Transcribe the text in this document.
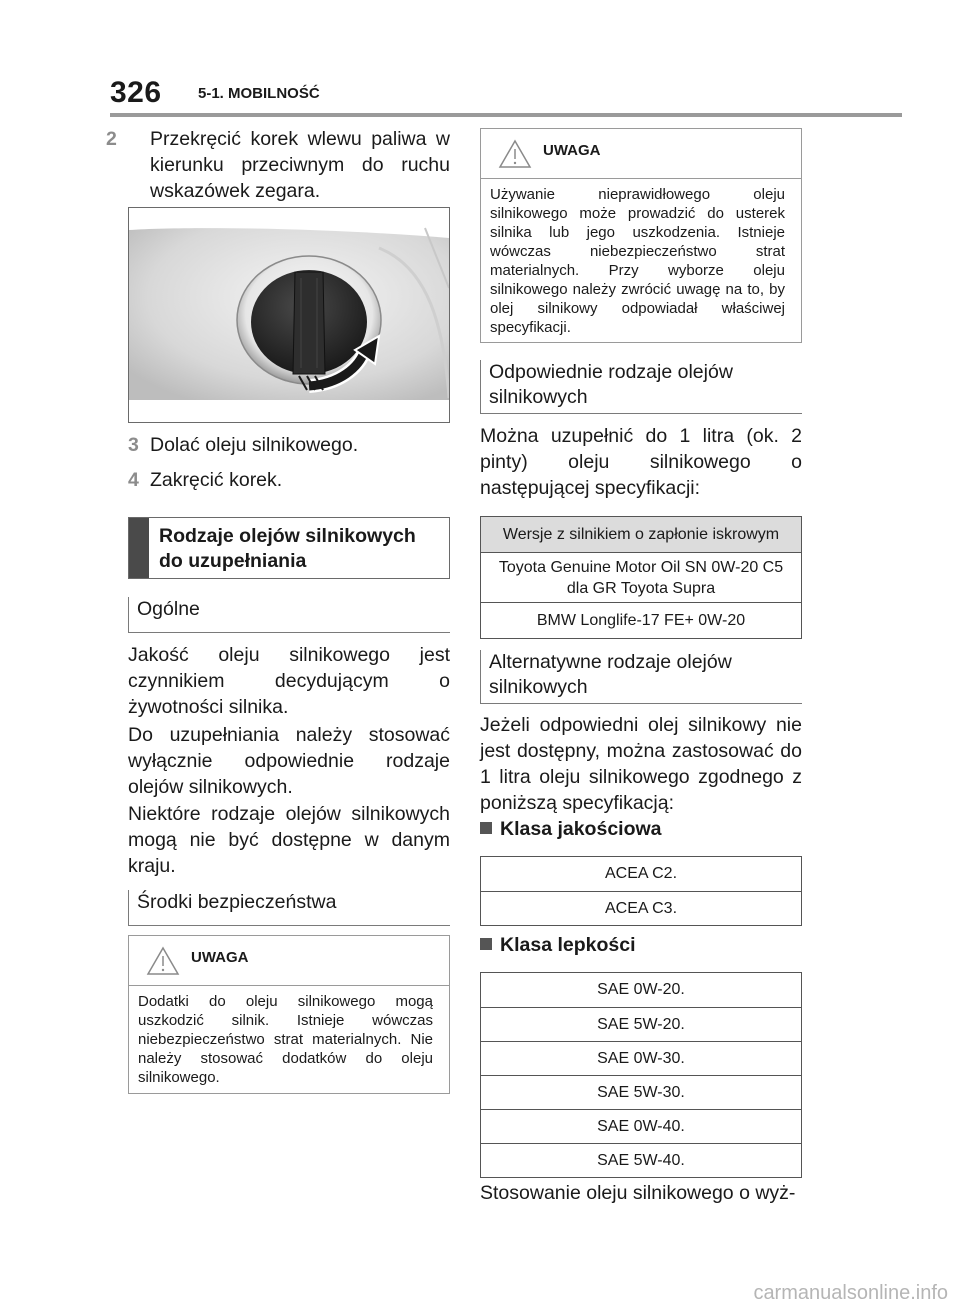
326 5-1. MOBILNOŚĆ
2 Przekręcić korek wlewu paliwa w kierunku przeciwnym do ruchu wskazówek zegara.
3 Dolać oleju silnikowego.
4 Zakręcić korek.
Rodzaje olejów silnikowych do uzupełniania
Ogólne
Jakość oleju silnikowego jest czynnikiem decydującym o żywotności silnika.
Do uzupełniania należy stosować wyłącznie odpowiednie rodzaje olejów silnikowych.
Niektóre rodzaje olejów silnikowych mogą nie być dostępne w danym kraju.
Środki bezpieczeństwa
UWAGA
Dodatki do oleju silnikowego mogą uszkodzić silnik. Istnieje wówczas niebezpieczeństwo strat materialnych. Nie należy stosować dodatków do oleju silnikowego.
UWAGA
Używanie nieprawidłowego oleju silnikowego może prowadzić do usterek silnika lub jego uszkodzenia. Istnieje wówczas niebezpieczeństwo strat materialnych. Przy wyborze oleju silnikowego należy zwrócić uwagę na to, by olej silnikowy odpowiadał właściwej specyfikacji.
Odpowiednie rodzaje olejów silnikowych
Można uzupełnić do 1 litra (ok. 2 pinty) oleju silnikowego o następującej specyfikacji:
Wersje z silnikiem o zapłonie iskrowym
Toyota Genuine Motor Oil SN 0W-20 C5 dla GR Toyota Supra
BMW Longlife-17 FE+ 0W-20
Alternatywne rodzaje olejów silnikowych
Jeżeli odpowiedni olej silnikowy nie jest dostępny, można zastosować do 1 litra oleju silnikowego zgodnego z poniższą specyfikacją:
Klasa jakościowa
ACEA C2.
ACEA C3.
Klasa lepkości
SAE 0W-20.
SAE 5W-20.
SAE 0W-30.
SAE 5W-30.
SAE 0W-40.
SAE 5W-40.
Stosowanie oleju silnikowego o wyż-
carmanualsonline.info
